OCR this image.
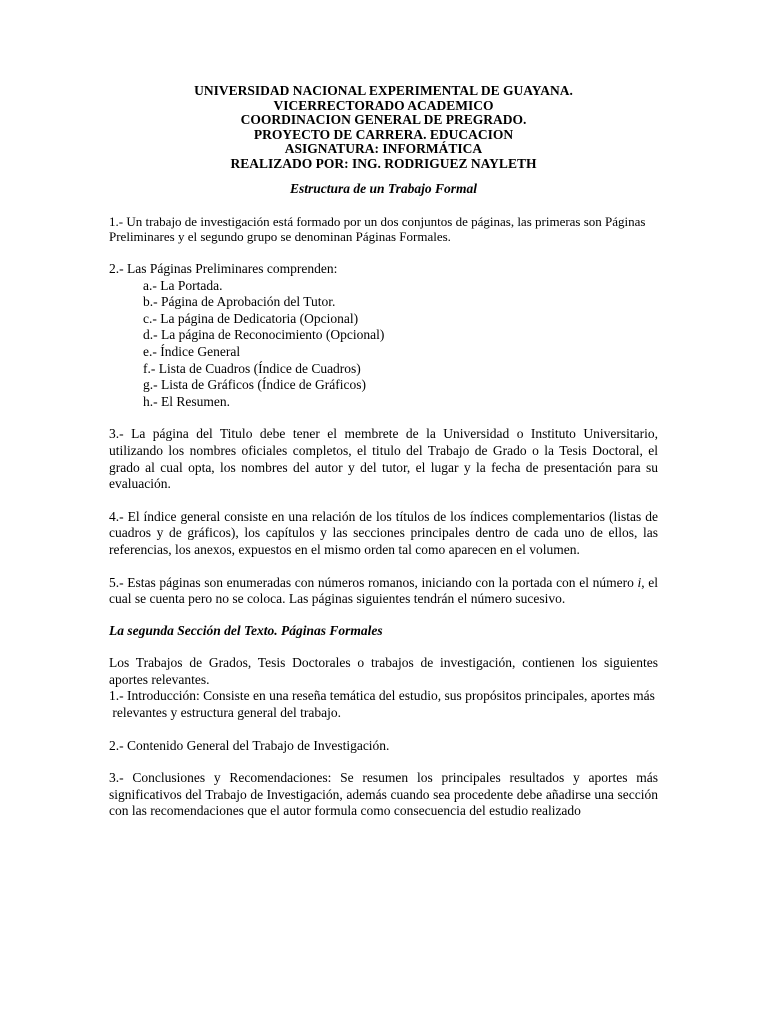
UNIVERSIDAD NACIONAL EXPERIMENTAL DE GUAYANA.

VICERRECTORADO ACADEMICO

COORDINACION GENERAL DE PREGRADO.

PROYECTO DE CARRERA. EDUCACION

ASIGNATURA: INFORMÁTICA

REALIZADO POR: ING. RODRIGUEZ NAYLETH

Estructura de un Trabajo Formal

1.- Un trabajo de investigación está formado por un dos conjuntos de páginas, las primeras son Páginas Preliminares y el segundo grupo se denominan Páginas Formales.

2.- Las Páginas Preliminares comprenden:

a.- La Portada.
b.- Página de Aprobación del Tutor.
c.- La página de Dedicatoria (Opcional)
d.- La página de Reconocimiento (Opcional)
e.- Índice General
f.- Lista de Cuadros (Índice de Cuadros)
g.- Lista de Gráficos (Índice de Gráficos)
h.- El Resumen.

3.- La página del Titulo debe tener el membrete de la Universidad o Instituto Universitario, utilizando los nombres oficiales completos, el titulo del Trabajo de Grado o la Tesis Doctoral, el grado al cual opta, los nombres del autor y del tutor, el lugar y la fecha de presentación para su evaluación.

4.- El índice general consiste en una relación de los títulos de los índices complementarios (listas de cuadros y de gráficos), los capítulos y las secciones principales dentro de cada uno de ellos, las referencias, los anexos, expuestos en el mismo orden tal como aparecen en el volumen.

5.- Estas páginas son enumeradas con números romanos, iniciando con la portada con el número i, el cual se cuenta pero no se coloca. Las páginas siguientes tendrán el número sucesivo.

La segunda Sección del Texto. Páginas Formales

Los Trabajos de Grados, Tesis Doctorales o trabajos de investigación, contienen los siguientes aportes relevantes.

1.- Introducción: Consiste en una reseña temática del estudio, sus propósitos principales, aportes más

relevantes y estructura general del trabajo.

2.- Contenido General del Trabajo de Investigación.

3.- Conclusiones y Recomendaciones: Se resumen los principales resultados y aportes más significativos del Trabajo de Investigación, además cuando sea procedente debe añadirse una sección con las recomendaciones que el autor formula como consecuencia del estudio realizado
